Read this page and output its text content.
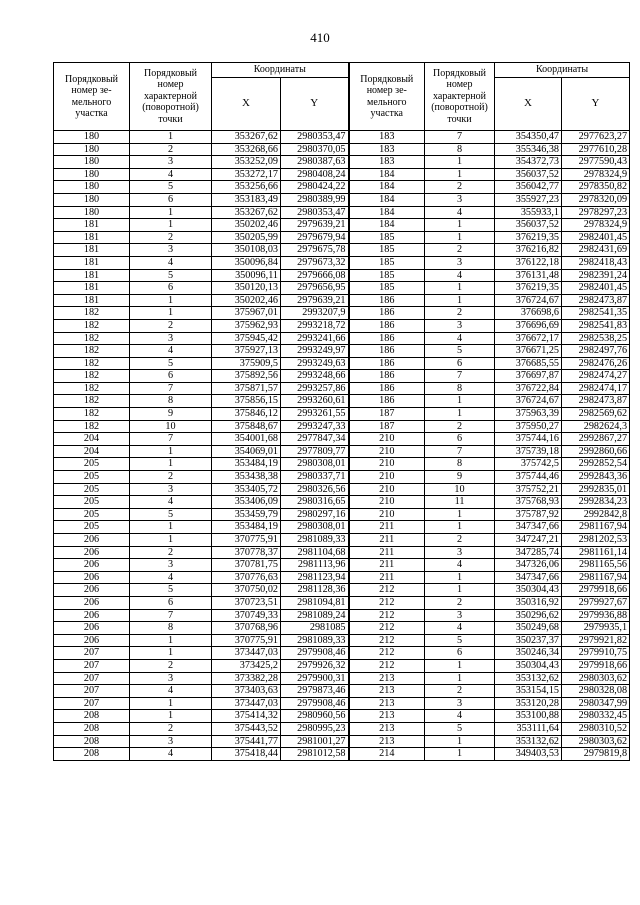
410
Порядковый номер зе-мельного участка	Порядковый номер характерной (поворотной) точки	Координаты		Порядковый номер зе-мельного участка	Порядковый номер характерной (поворотной) точки	Координаты	
		X	Y			X	Y
180	1	353267,62	2980353,47	183	7	354350,47	2977623,27
180	2	353268,66	2980370,05	183	8	355346,38	2977610,28
180	3	353252,09	2980387,63	183	1	354372,73	2977590,43
180	4	353272,17	2980408,24	184	1	356037,52	2978324,9
180	5	353256,66	2980424,22	184	2	356042,77	2978350,82
180	6	353183,49	2980389,99	184	3	355927,23	2978320,09
180	1	353267,62	2980353,47	184	4	355933,1	2978297,23
181	1	350202,46	2979639,21	184	1	356037,52	2978324,9
181	2	350205,99	2979679,94	185	1	376219,35	2982401,45
181	3	350108,03	2979675,78	185	2	376216,82	2982431,69
181	4	350096,84	2979673,32	185	3	376122,18	2982418,43
181	5	350096,11	2979666,08	185	4	376131,48	2982391,24
181	6	350120,13	2979656,95	185	1	376219,35	2982401,45
181	1	350202,46	2979639,21	186	1	376724,67	2982473,87
182	1	375967,01	2993207,9	186	2	376698,6	2982541,35
182	2	375962,93	2993218,72	186	3	376696,69	2982541,83
182	3	375945,42	2993241,66	186	4	376672,17	2982538,25
182	4	375927,13	2993249,97	186	5	376671,25	2982497,76
182	5	375909,5	2993249,63	186	6	376685,55	2982476,26
182	6	375892,56	2993248,66	186	7	376697,87	2982474,27
182	7	375871,57	2993257,86	186	8	376722,84	2982474,17
182	8	375856,15	2993260,61	186	1	376724,67	2982473,87
182	9	375846,12	2993261,55	187	1	375963,39	2982569,62
182	10	375848,67	2993247,33	187	2	375950,27	2982624,3
204	7	354001,68	2977847,34	210	6	375744,16	2992867,27
204	1	354069,01	2977809,77	210	7	375739,18	2992860,66
205	1	353484,19	2980308,01	210	8	375742,5	2992852,54
205	2	353438,38	2980337,71	210	9	375744,46	2992843,36
205	3	353405,72	2980326,56	210	10	375752,21	2992835,01
205	4	353406,09	2980316,65	210	11	375768,93	2992834,23
205	5	353459,79	2980297,16	210	1	375787,92	2992842,8
205	1	353484,19	2980308,01	211	1	347347,66	2981167,94
206	1	370775,91	2981089,33	211	2	347247,21	2981202,53
206	2	370778,37	2981104,68	211	3	347285,74	2981161,14
206	3	370781,75	2981113,96	211	4	347326,06	2981165,56
206	4	370776,63	2981123,94	211	1	347347,66	2981167,94
206	5	370750,02	2981128,36	212	1	350304,43	2979918,66
206	6	370723,51	2981094,81	212	2	350316,92	2979927,67
206	7	370749,33	2981089,24	212	3	350296,62	2979936,88
206	8	370768,96	2981085	212	4	350249,68	2979935,1
206	1	370775,91	2981089,33	212	5	350237,37	2979921,82
207	1	373447,03	2979908,46	212	6	350246,34	2979910,75
207	2	373425,2	2979926,32	212	1	350304,43	2979918,66
207	3	373382,28	2979900,31	213	1	353132,62	2980303,62
207	4	373403,63	2979873,46	213	2	353154,15	2980328,08
207	1	373447,03	2979908,46	213	3	353120,28	2980347,99
208	1	375414,32	2980960,56	213	4	353100,88	2980332,45
208	2	375443,52	2980995,23	213	5	353111,64	2980310,52
208	3	375441,77	2981001,27	213	1	353132,62	2980303,62
208	4	375418,44	2981012,58	214	1	349403,53	2979819,8
